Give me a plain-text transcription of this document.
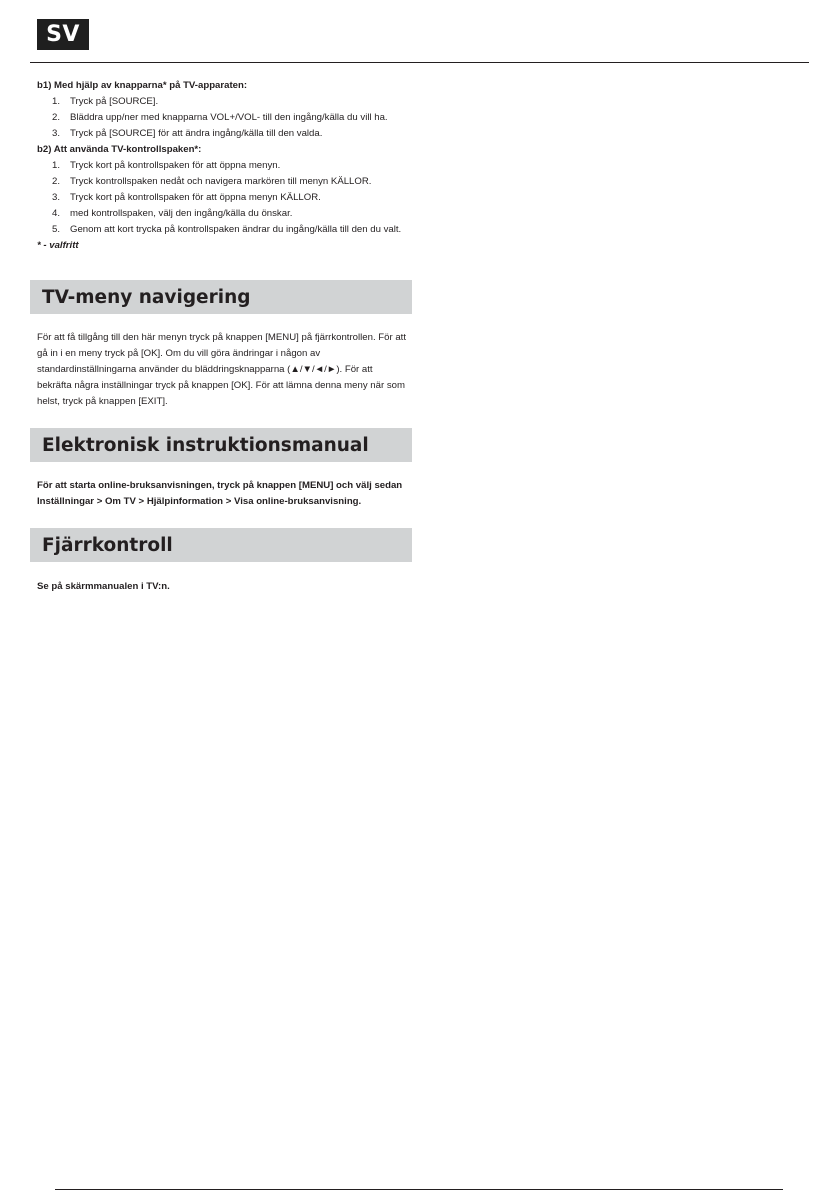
SV
b1) Med hjälp av knapparna* på TV-apparaten:
1.	Tryck på [SOURCE].
2.	Bläddra upp/ner med knapparna VOL+/VOL- till den ingång/källa du vill ha.
3.	Tryck på [SOURCE] för att ändra ingång/källa till den valda.
b2) Att använda TV-kontrollspaken*:
1.	Tryck kort på kontrollspaken för att öppna menyn.
2.	Tryck kontrollspaken nedåt och navigera markören till menyn KÄLLOR.
3.	Tryck kort på kontrollspaken för att öppna menyn KÄLLOR.
4.	med kontrollspaken, välj den ingång/källa du önskar.
5.	Genom att kort trycka på kontrollspaken ändrar du ingång/källa till den du valt.
* - valfritt
TV-meny navigering
För att få tillgång till den här menyn tryck på knappen [MENU] på fjärrkontrollen. För att gå in i en meny tryck på [OK]. Om du vill göra ändringar i någon av standardinställningarna använder du bläddringsknapparna (▲/▼/◄/►). För att bekräfta några inställningar tryck på knappen [OK]. För att lämna denna meny när som helst, tryck på knappen [EXIT].
Elektronisk instruktionsmanual
För att starta online-bruksanvisningen, tryck på knappen [MENU] och välj sedan Inställningar > Om TV > Hjälpinformation > Visa online-bruksanvisning.
Fjärrkontroll
Se på skärmmanualen i TV:n.
